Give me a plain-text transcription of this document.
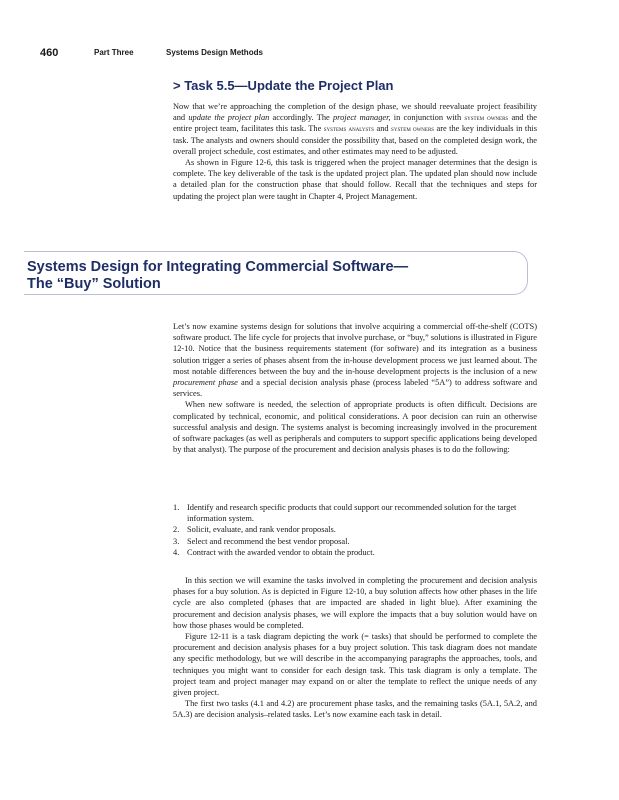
460	Part Three	Systems Design Methods
> Task 5.5—Update the Project Plan

Now that we’re approaching the completion of the design phase, we should reevaluate project feasibility and update the project plan accordingly. The project manager, in conjunction with system owners and the entire project team, facilitates this task. The systems analysts and system owners are the key individuals in this task. The analysts and owners should consider the possibility that, based on the completed design work, the overall project schedule, cost estimates, and other estimates may need to be adjusted.

As shown in Figure 12-6, this task is triggered when the project manager determines that the design is complete. The key deliverable of the task is the updated project plan. The updated plan should now include a detailed plan for the construction phase that should follow. Recall that the techniques and steps for updating the project plan were taught in Chapter 4, Project Management.

Systems Design for Integrating Commercial Software—
The “Buy” Solution

Let’s now examine systems design for solutions that involve acquiring a commercial off-the-shelf (COTS) software product. The life cycle for projects that involve purchase, or “buy,” solutions is illustrated in Figure 12-10. Notice that the business requirements statement (for software) and its integration as a business solution trigger a series of phases absent from the in-house development process we just learned about. The most notable differences between the buy and the in-house development projects is the inclusion of a new procurement phase and a special decision analysis phase (process labeled “5A”) to address software and services.

When new software is needed, the selection of appropriate products is often difficult. Decisions are complicated by technical, economic, and political considerations. A poor decision can ruin an otherwise successful analysis and design. The systems analyst is becoming increasingly involved in the procurement of software packages (as well as peripherals and computers to support specific applications being developed by that analyst). The purpose of the procurement and decision analysis phases is to do the following:

1. Identify and research specific products that could support our recommended solution for the target information system.
2. Solicit, evaluate, and rank vendor proposals.
3. Select and recommend the best vendor proposal.
4. Contract with the awarded vendor to obtain the product.

In this section we will examine the tasks involved in completing the procurement and decision analysis phases for a buy solution. As is depicted in Figure 12-10, a buy solution affects how other phases in the life cycle are also completed (phases that are impacted are shaded in light blue). After examining the procurement and decision analysis phases, we will explore the impacts that a buy solution would have on how those phases would be completed.

Figure 12-11 is a task diagram depicting the work (= tasks) that should be performed to complete the procurement and decision analysis phases for a buy project solution. This task diagram does not mandate any specific methodology, but we will describe in the accompanying paragraphs the approaches, tools, and techniques you might want to consider for each design task. This task diagram is only a template. The project team and project manager may expand on or alter the template to reflect the unique needs of any given project.

The first two tasks (4.1 and 4.2) are procurement phase tasks, and the remaining tasks (5A.1, 5A.2, and 5A.3) are decision analysis–related tasks. Let’s now examine each task in detail.
